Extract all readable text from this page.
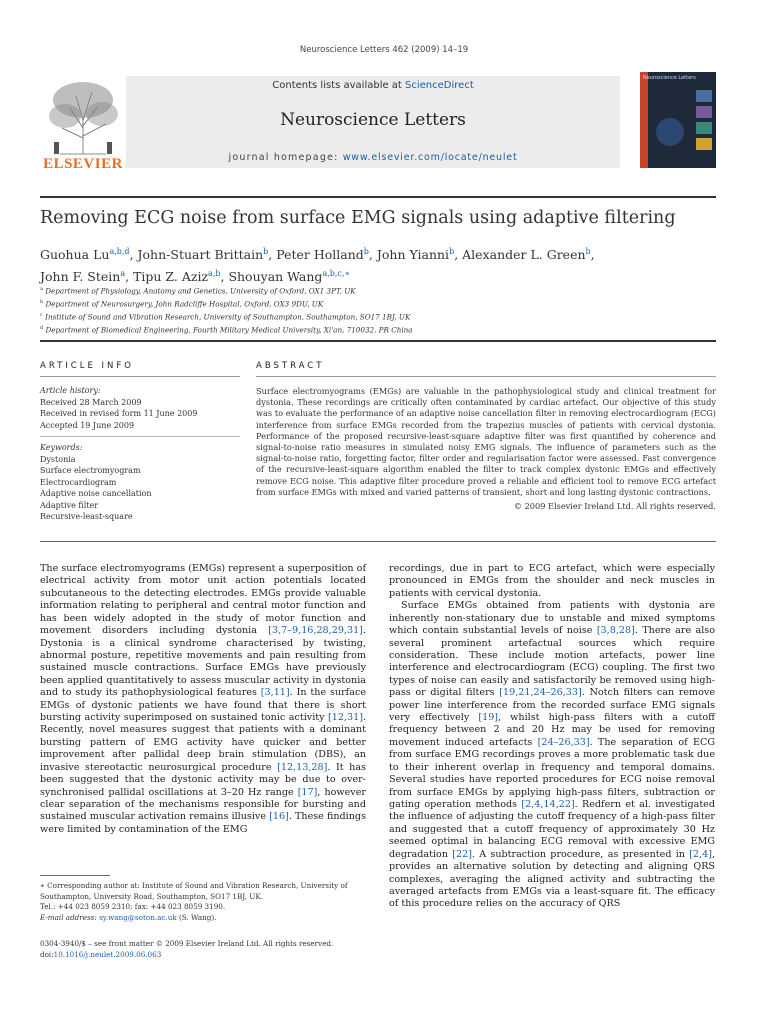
Neuroscience Letters 462 (2009) 14–19
ELSEVIER
Contents lists available at ScienceDirect
Neuroscience Letters
journal homepage: www.elsevier.com/locate/neulet
Neuroscience Letters
Removing ECG noise from surface EMG signals using adaptive filtering
Guohua Lu$^{a,b,d}$, John-Stuart Brittain$^b$, Peter Holland$^b$, John Yianni$^b$, Alexander L. Green$^b$,
John F. Stein$^a$, Tipu Z. Aziz$^{a,b}$, Shouyan Wang$^{a,b,c,∗}$
$^a$ Department of Physiology, Anatomy and Genetics, University of Oxford, OX1 3PT, UK
$^b$ Department of Neurosurgery, John Radcliffe Hospital, Oxford, OX3 9DU, UK
$^c$ Institute of Sound and Vibration Research, University of Southampton, Southampton, SO17 1BJ, UK
$^d$ Department of Biomedical Engineering, Fourth Military Medical University, Xi'an, 710032, PR China
ARTICLE INFO	ABSTRACT
Article history:
Received 28 March 2009
Received in revised form 11 June 2009
Accepted 19 June 2009
Keywords:
Dystonia
Surface electromyogram
Electrocardiogram
Adaptive noise cancellation
Adaptive filter
Recursive-least-square
Surface electromyograms (EMGs) are valuable in the pathophysiological study and clinical treatment for dystonia. These recordings are critically often contaminated by cardiac artefact. Our objective of this study was to evaluate the performance of an adaptive noise cancellation filter in removing electrocardiogram (ECG) interference from surface EMGs recorded from the trapezius muscles of patients with cervical dystonia. Performance of the proposed recursive-least-square adaptive filter was first quantified by coherence and signal-to-noise ratio measures in simulated noisy EMG signals. The influence of parameters such as the signal-to-noise ratio, forgetting factor, filter order and regularisation factor were assessed. Fast convergence of the recursive-least-square algorithm enabled the filter to track complex dystonic EMGs and effectively remove ECG noise. This adaptive filter procedure proved a reliable and efficient tool to remove ECG artefact from surface EMGs with mixed and varied patterns of transient, short and long lasting dystonic contractions.
© 2009 Elsevier Ireland Ltd. All rights reserved.

The surface electromyograms (EMGs) represent a superposition of electrical activity from motor unit action potentials located subcutaneous to the detecting electrodes. EMGs provide valuable information relating to peripheral and central motor function and has been widely adopted in the study of motor function and movement disorders including dystonia [3,7–9,16,28,29,31]. Dystonia is a clinical syndrome characterised by twisting, abnormal posture, repetitive movements and pain resulting from sustained muscle contractions. Surface EMGs have previously been applied quantitatively to assess muscular activity in dystonia and to study its pathophysiological features [3,11]. In the surface EMGs of dystonic patients we have found that there is short bursting activity superimposed on sustained tonic activity [12,31]. Recently, novel measures suggest that patients with a dominant bursting pattern of EMG activity have quicker and better improvement after pallidal deep brain stimulation (DBS), an invasive stereotactic neurosurgical procedure [12,13,28]. It has been suggested that the dystonic activity may be due to over-synchronised pallidal oscillations at 3–20 Hz range [17], however clear separation of the mechanisms responsible for bursting and sustained muscular activation remains illusive [16]. These findings were limited by contamination of the EMG

recordings, due in part to ECG artefact, which were especially pronounced in EMGs from the shoulder and neck muscles in patients with cervical dystonia.

Surface EMGs obtained from patients with dystonia are inherently non-stationary due to unstable and mixed symptoms which contain substantial levels of noise [3,8,28]. There are also several prominent artefactual sources which require consideration. These include motion artefacts, power line interference and electrocardiogram (ECG) coupling. The first two types of noise can easily and satisfactorily be removed using high-pass or digital filters [19,21,24–26,33]. Notch filters can remove power line interference from the recorded surface EMG signals very effectively [19], whilst high-pass filters with a cutoff frequency between 2 and 20 Hz may be used for removing movement induced artefacts [24–26,33]. The separation of ECG from surface EMG recordings proves a more problematic task due to their inherent overlap in frequency and temporal domains. Several studies have reported procedures for ECG noise removal from surface EMGs by applying high-pass filters, subtraction or gating operation methods [2,4,14,22]. Redfern et al. investigated the influence of adjusting the cutoff frequency of a high-pass filter and suggested that a cutoff frequency of approximately 30 Hz seemed optimal in balancing ECG removal with excessive EMG degradation [22]. A subtraction procedure, as presented in [2,4], provides an alternative solution by detecting and aligning QRS complexes, averaging the aligned activity and subtracting the averaged artefacts from EMGs via a least-square fit. The efficacy of this procedure relies on the accuracy of QRS

∗ Corresponding author at: Institute of Sound and Vibration Research, University of Southampton, University Road, Southampton, SO17 1BJ, UK.
Tel.: +44 023 8059 2310; fax: +44 023 8059 3190.
E-mail address: sy.wang@soton.ac.uk (S. Wang).
0304-3940/$ – see front matter © 2009 Elsevier Ireland Ltd. All rights reserved.
doi:10.1016/j.neulet.2009.06.063
